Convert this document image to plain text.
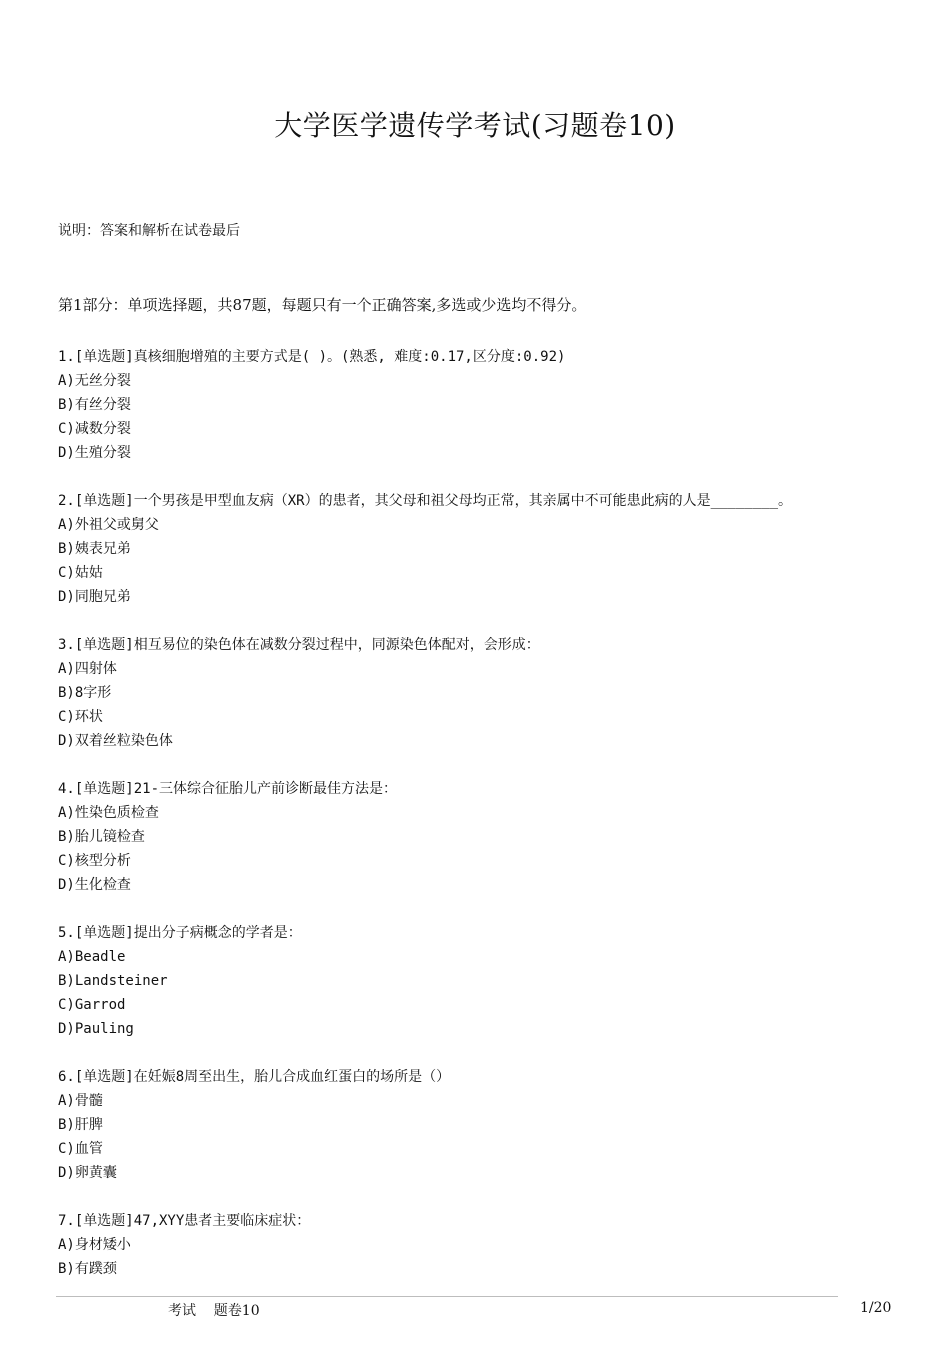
大学医学遗传学考试(习题卷10)
说明：答案和解析在试卷最后
第1部分：单项选择题，共87题，每题只有一个正确答案,多选或少选均不得分。
1.[单选题]真核细胞增殖的主要方式是( )。(熟悉, 难度:0.17,区分度:0.92)
A)无丝分裂
B)有丝分裂
C)减数分裂
D)生殖分裂
2.[单选题]一个男孩是甲型血友病（XR）的患者，其父母和祖父母均正常，其亲属中不可能患此病的人是________。
A)外祖父或舅父
B)姨表兄弟
C)姑姑
D)同胞兄弟
3.[单选题]相互易位的染色体在减数分裂过程中，同源染色体配对，会形成：
A)四射体
B)8字形
C)环状
D)双着丝粒染色体
4.[单选题]21-三体综合征胎儿产前诊断最佳方法是：
A)性染色质检查
B)胎儿镜检查
C)核型分析
D)生化检查
5.[单选题]提出分子病概念的学者是：
A)Beadle
B)Landsteiner
C)Garrod
D)Pauling
6.[单选题]在妊娠8周至出生，胎儿合成血红蛋白的场所是（）
A)骨髓
B)肝脾
C)血管
D)卵黄囊
7.[单选题]47,XYY患者主要临床症状：
A)身材矮小
B)有蹼颈
考试    题卷10	1/20
